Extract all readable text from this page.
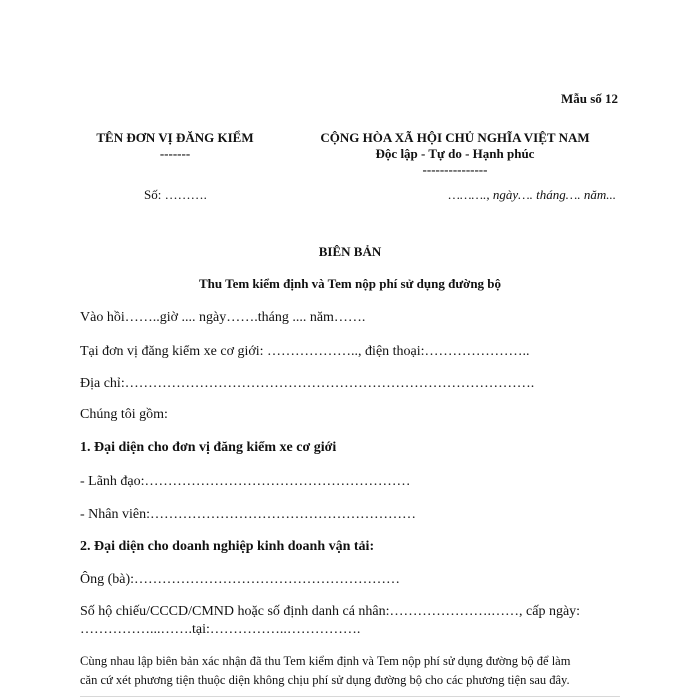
Mẫu số 12
TÊN ĐƠN VỊ ĐĂNG KIỂM
-------
CỘNG HÒA XÃ HỘI CHỦ NGHĨA VIỆT NAM
Độc lập - Tự do - Hạnh phúc
---------------
Số: ……….	………., ngày…. tháng…. năm...
BIÊN BẢN
Thu Tem kiểm định và Tem nộp phí sử dụng đường bộ
Vào hồi……..giờ .... ngày…….tháng .... năm…….
Tại đơn vị đăng kiểm xe cơ giới: ……………….., điện thoại:…………………..
Địa chỉ:…………………………………………………………………………….
Chúng tôi gồm:
1. Đại diện cho đơn vị đăng kiểm xe cơ giới
- Lãnh đạo:…………………………………………………
- Nhân viên:…………………………………………………
2. Đại diện cho doanh nghiệp kinh doanh vận tải:
Ông (bà):…………………………………………………
Số hộ chiếu/CCCD/CMND hoặc số định danh cá nhân:………………….……, cấp ngày:
……………...…….tại:……………..…………….
Cùng nhau lập biên bản xác nhận đã thu Tem kiểm định và Tem nộp phí sử dụng đường bộ để làm
căn cứ xét phương tiện thuộc diện không chịu phí sử dụng đường bộ cho các phương tiện sau đây.
